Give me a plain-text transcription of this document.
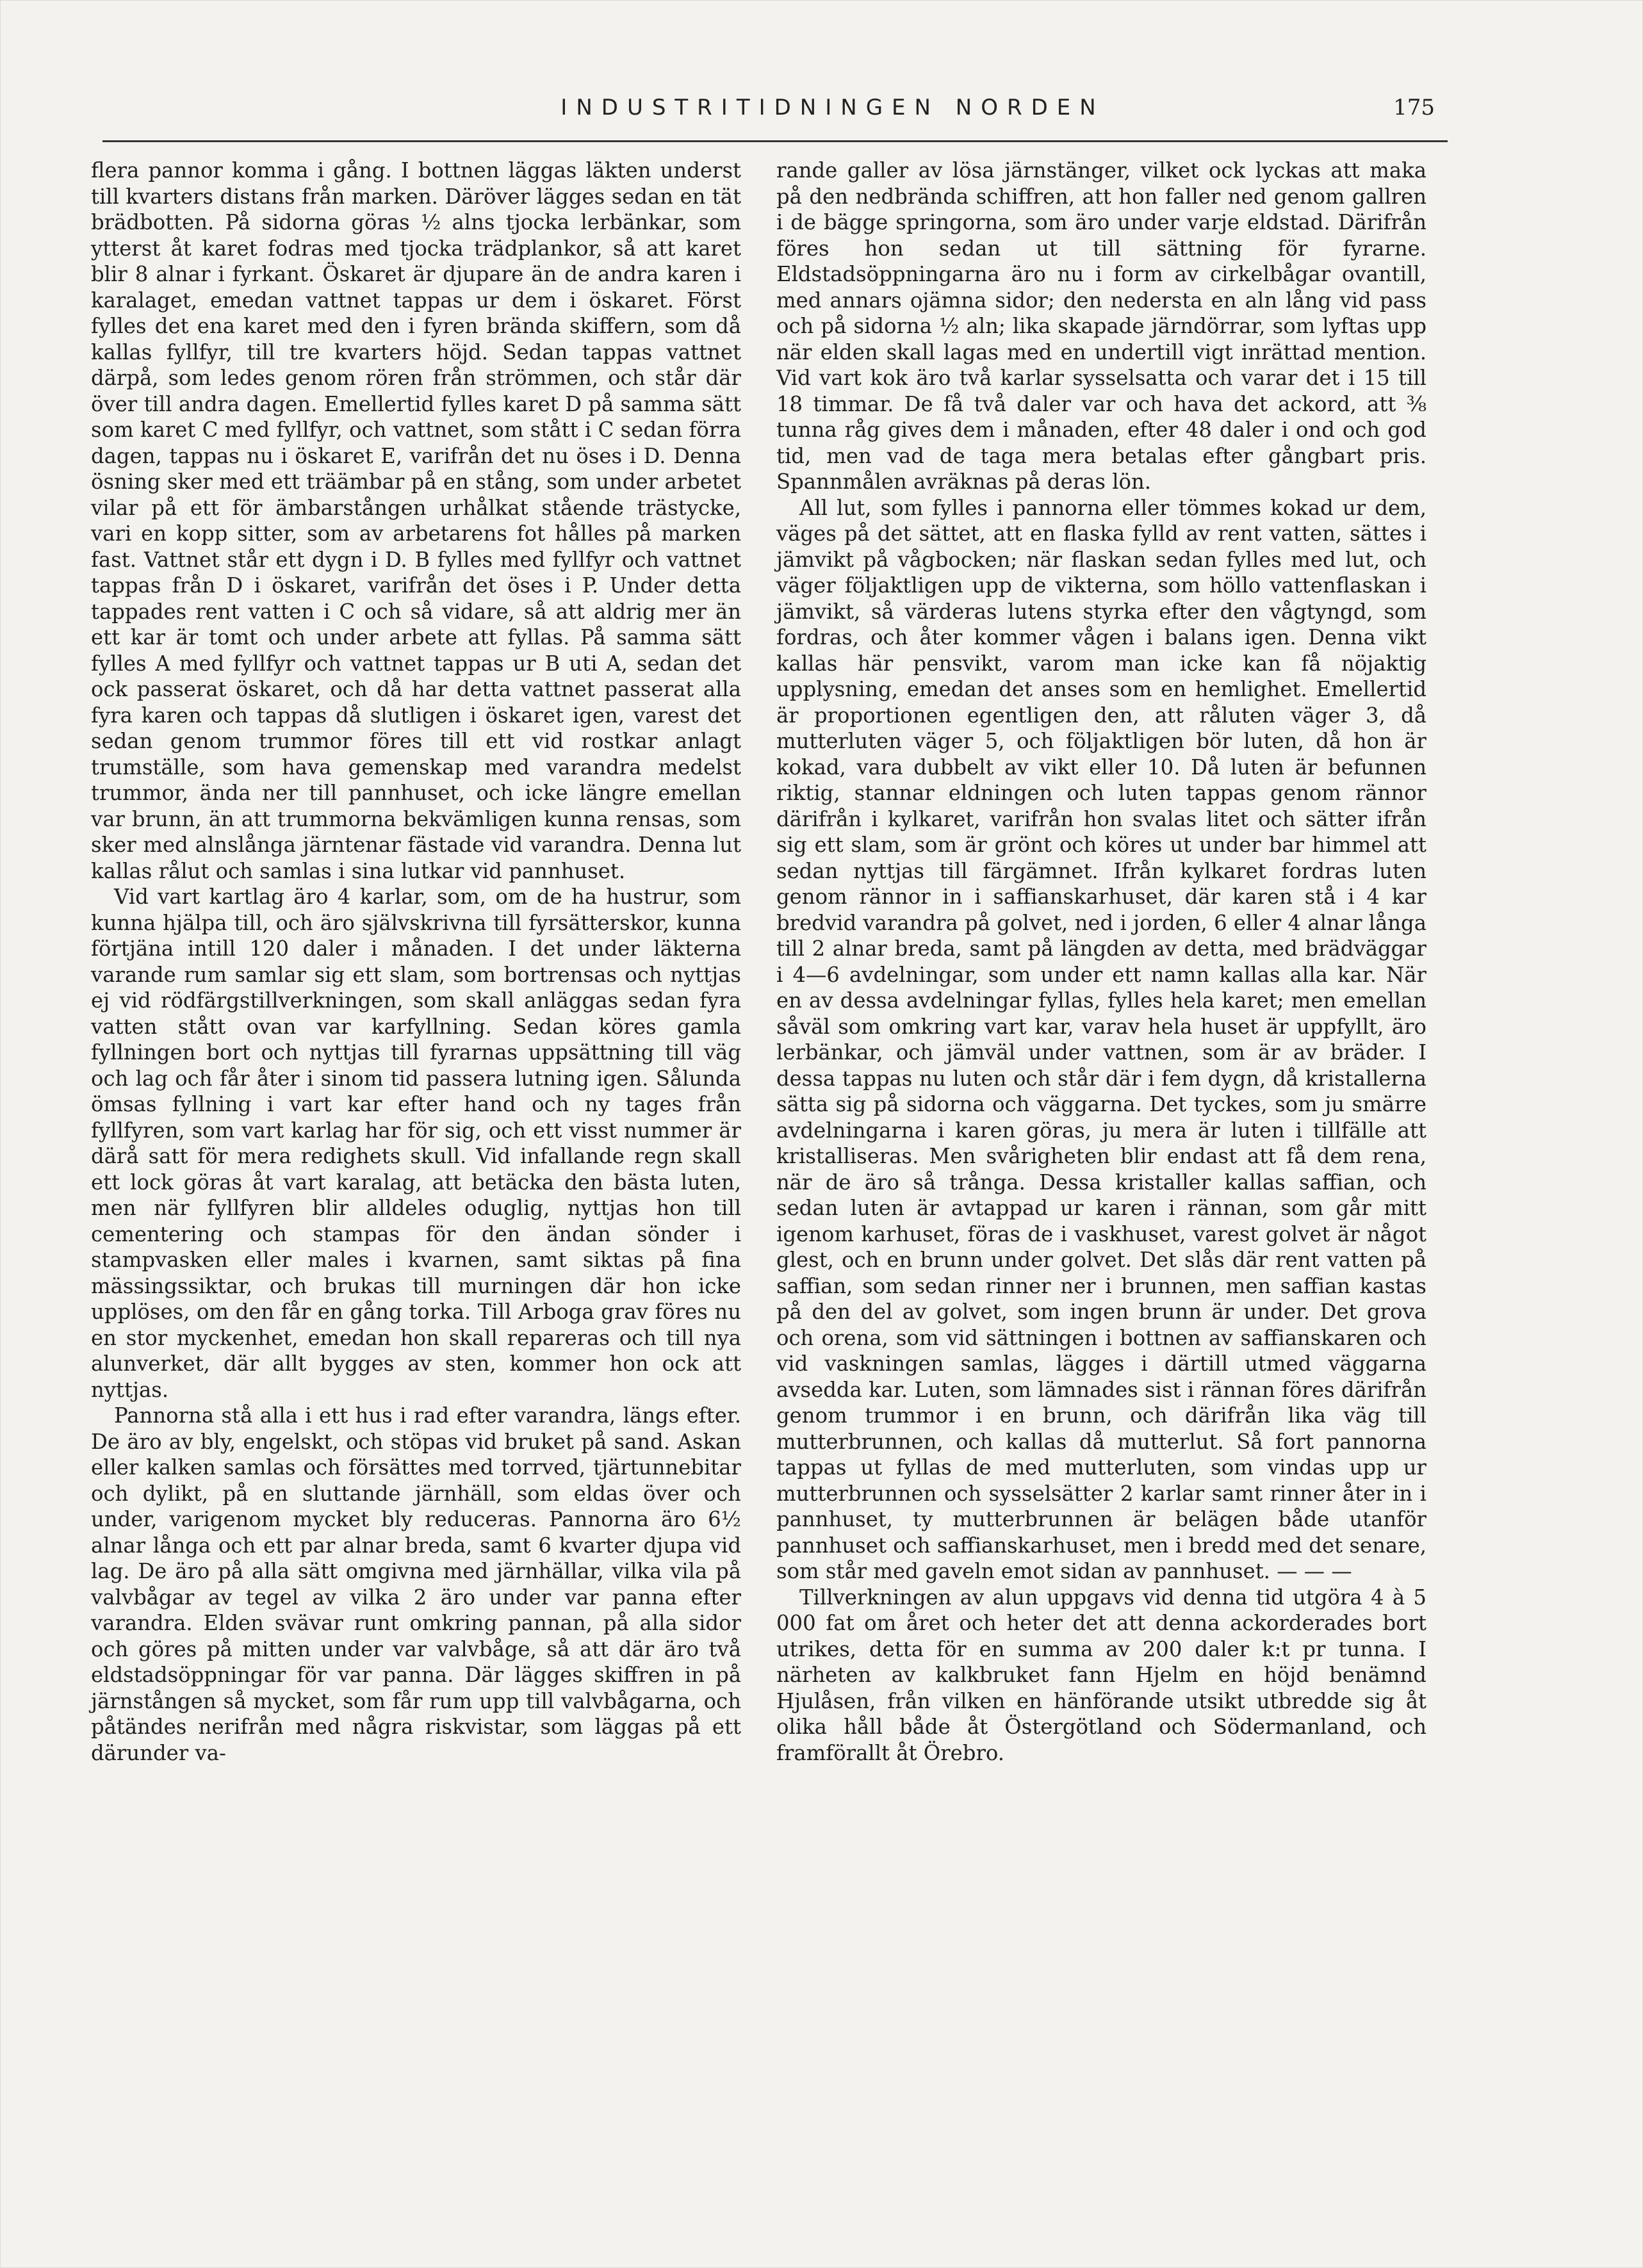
INDUSTRITIDNINGEN NORDEN	175

flera pannor komma i gång. I bottnen läggas läkten underst till kvarters distans från marken. Däröver lägges sedan en tät brädbotten. På sidorna göras ½ alns tjocka lerbänkar, som ytterst åt karet fodras med tjocka trädplankor, så att karet blir 8 alnar i fyrkant. Öskaret är djupare än de andra karen i karalaget, emedan vattnet tappas ur dem i öskaret. Först fylles det ena karet med den i fyren brända skiffern, som då kallas fyllfyr, till tre kvarters höjd. Sedan tappas vattnet därpå, som ledes genom rören från strömmen, och står där över till andra dagen. Emellertid fylles karet D på samma sätt som karet C med fyllfyr, och vattnet, som stått i C sedan förra dagen, tappas nu i öskaret E, varifrån det nu öses i D. Denna ösning sker med ett träämbar på en stång, som under arbetet vilar på ett för ämbarstången urhålkat stående trästycke, vari en kopp sitter, som av arbetarens fot hålles på marken fast. Vattnet står ett dygn i D. B fylles med fyllfyr och vattnet tappas från D i öskaret, varifrån det öses i P. Under detta tappades rent vatten i C och så vidare, så att aldrig mer än ett kar är tomt och under arbete att fyllas. På samma sätt fylles A med fyllfyr och vattnet tappas ur B uti A, sedan det ock passerat öskaret, och då har detta vattnet passerat alla fyra karen och tappas då slutligen i öskaret igen, varest det sedan genom trummor föres till ett vid rostkar anlagt trumställe, som hava gemenskap med varandra medelst trummor, ända ner till pannhuset, och icke längre emellan var brunn, än att trummorna bekvämligen kunna rensas, som sker med alnslånga järntenar fästade vid varandra. Denna lut kallas rålut och samlas i sina lutkar vid pannhuset.

Vid vart kartlag äro 4 karlar, som, om de ha hustrur, som kunna hjälpa till, och äro självskrivna till fyrsätterskor, kunna förtjäna intill 120 daler i månaden. I det under läkterna varande rum samlar sig ett slam, som bortrensas och nyttjas ej vid rödfärgstillverkningen, som skall anläggas sedan fyra vatten stått ovan var karfyllning. Sedan köres gamla fyllningen bort och nyttjas till fyrarnas uppsättning till väg och lag och får åter i sinom tid passera lutning igen. Sålunda ömsas fyllning i vart kar efter hand och ny tages från fyllfyren, som vart karlag har för sig, och ett visst nummer är därå satt för mera redighets skull. Vid infallande regn skall ett lock göras åt vart karalag, att betäcka den bästa luten, men när fyllfyren blir alldeles oduglig, nyttjas hon till cementering och stampas för den ändan sönder i stampvasken eller males i kvarnen, samt siktas på fina mässingssiktar, och brukas till murningen där hon icke upplöses, om den får en gång torka. Till Arboga grav föres nu en stor myckenhet, emedan hon skall repareras och till nya alunverket, där allt bygges av sten, kommer hon ock att nyttjas.

Pannorna stå alla i ett hus i rad efter varandra, längs efter. De äro av bly, engelskt, och stöpas vid bruket på sand. Askan eller kalken samlas och försättes med torrved, tjärtunnebitar och dylikt, på en sluttande järnhäll, som eldas över och under, varigenom mycket bly reduceras. Pannorna äro 6½ alnar långa och ett par alnar breda, samt 6 kvarter djupa vid lag. De äro på alla sätt omgivna med järnhällar, vilka vila på valvbågar av tegel av vilka 2 äro under var panna efter varandra. Elden svävar runt omkring pannan, på alla sidor och göres på mitten under var valvbåge, så att där äro två eldstadsöppningar för var panna. Där lägges skiffren in på järnstången så mycket, som får rum upp till valvbågarna, och påtändes nerifrån med några riskvistar, som läggas på ett därunder va-

rande galler av lösa järnstänger, vilket ock lyckas att maka på den nedbrända schiffren, att hon faller ned genom gallren i de bägge springorna, som äro under varje eldstad. Därifrån föres hon sedan ut till sättning för fyrarne. Eldstadsöppningarna äro nu i form av cirkelbågar ovantill, med annars ojämna sidor; den nedersta en aln lång vid pass och på sidorna ½ aln; lika skapade järndörrar, som lyftas upp när elden skall lagas med en undertill vigt inrättad mention. Vid vart kok äro två karlar sysselsatta och varar det i 15 till 18 timmar. De få två daler var och hava det ackord, att ⅜ tunna råg gives dem i månaden, efter 48 daler i ond och god tid, men vad de taga mera betalas efter gångbart pris. Spannmålen avräknas på deras lön.

All lut, som fylles i pannorna eller tömmes kokad ur dem, väges på det sättet, att en flaska fylld av rent vatten, sättes i jämvikt på vågbocken; när flaskan sedan fylles med lut, och väger följaktligen upp de vikterna, som höllo vattenflaskan i jämvikt, så värderas lutens styrka efter den vågtyngd, som fordras, och åter kommer vågen i balans igen. Denna vikt kallas här pensvikt, varom man icke kan få nöjaktig upplysning, emedan det anses som en hemlighet. Emellertid är proportionen egentligen den, att råluten väger 3, då mutterluten väger 5, och följaktligen bör luten, då hon är kokad, vara dubbelt av vikt eller 10. Då luten är befunnen riktig, stannar eldningen och luten tappas genom rännor därifrån i kylkaret, varifrån hon svalas litet och sätter ifrån sig ett slam, som är grönt och köres ut under bar himmel att sedan nyttjas till färgämnet. Ifrån kylkaret fordras luten genom rännor in i saffianskarhuset, där karen stå i 4 kar bredvid varandra på golvet, ned i jorden, 6 eller 4 alnar långa till 2 alnar breda, samt på längden av detta, med brädväggar i 4—6 avdelningar, som under ett namn kallas alla kar. När en av dessa avdelningar fyllas, fylles hela karet; men emellan såväl som omkring vart kar, varav hela huset är uppfyllt, äro lerbänkar, och jämväl under vattnen, som är av bräder. I dessa tappas nu luten och står där i fem dygn, då kristallerna sätta sig på sidorna och väggarna. Det tyckes, som ju smärre avdelningarna i karen göras, ju mera är luten i tillfälle att kristalliseras. Men svårigheten blir endast att få dem rena, när de äro så trånga. Dessa kristaller kallas saffian, och sedan luten är avtappad ur karen i rännan, som går mitt igenom karhuset, föras de i vaskhuset, varest golvet är något glest, och en brunn under golvet. Det slås där rent vatten på saffian, som sedan rinner ner i brunnen, men saffian kastas på den del av golvet, som ingen brunn är under. Det grova och orena, som vid sättningen i bottnen av saffianskaren och vid vaskningen samlas, lägges i därtill utmed väggarna avsedda kar. Luten, som lämnades sist i rännan föres därifrån genom trummor i en brunn, och därifrån lika väg till mutterbrunnen, och kallas då mutterlut. Så fort pannorna tappas ut fyllas de med mutterluten, som vindas upp ur mutterbrunnen och sysselsätter 2 karlar samt rinner åter in i pannhuset, ty mutterbrunnen är belägen både utanför pannhuset och saffianskarhuset, men i bredd med det senare, som står med gaveln emot sidan av pannhuset. — — —

Tillverkningen av alun uppgavs vid denna tid utgöra 4 à 5 000 fat om året och heter det att denna ackorderades bort utrikes, detta för en summa av 200 daler k:t pr tunna. I närheten av kalkbruket fann Hjelm en höjd benämnd Hjulåsen, från vilken en hänförande utsikt utbredde sig åt olika håll både åt Östergötland och Södermanland, och framförallt åt Örebro.
